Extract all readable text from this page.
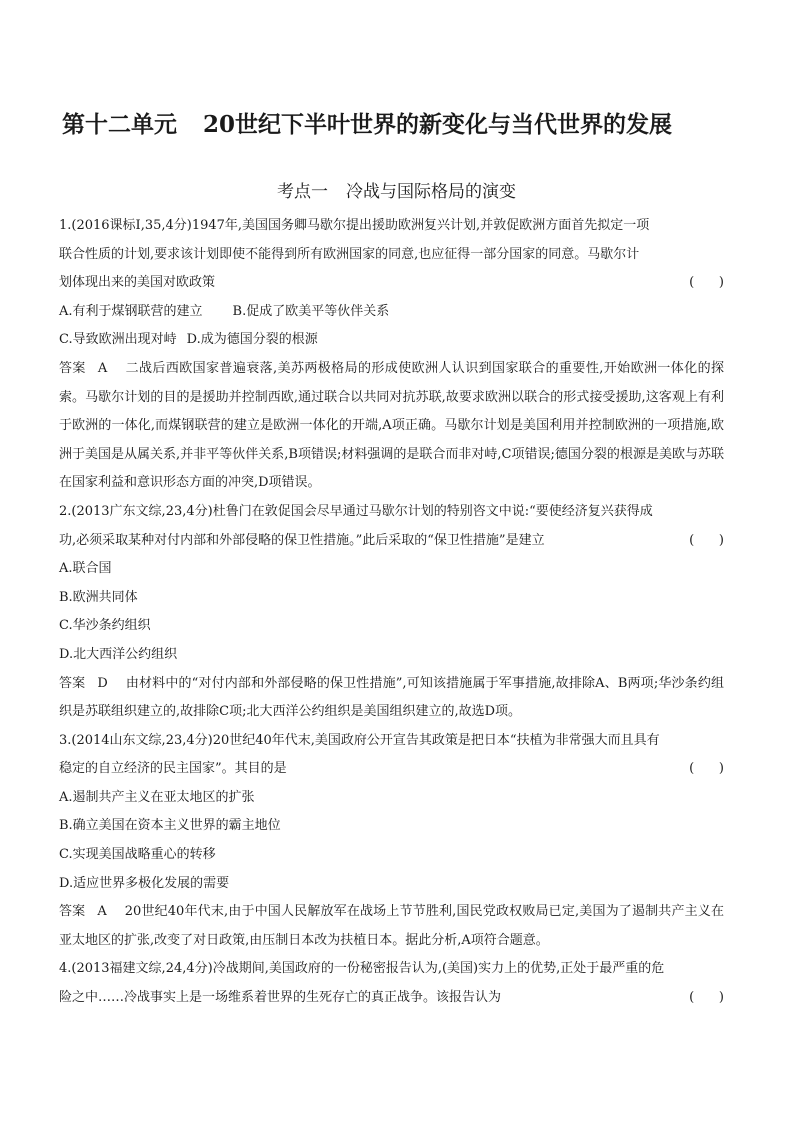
第十二单元 20世纪下半叶世界的新变化与当代世界的发展
考点一 冷战与国际格局的演变

1.(2016课标Ⅰ,35,4分)1947年,美国国务卿马歇尔提出援助欧洲复兴计划,并敦促欧洲方面首先拟定一项

联合性质的计划,要求该计划即使不能得到所有欧洲国家的同意,也应征得一部分国家的同意。马歇尔计

划体现出来的美国对欧政策	(      )

A.有利于煤钢联营的建立 B.促成了欧美平等伙伴关系

C.导致欧洲出现对峙 D.成为德国分裂的根源

答案 A 二战后西欧国家普遍衰落,美苏两极格局的形成使欧洲人认识到国家联合的重要性,开始欧洲一体化的探索。马歇尔计划的目的是援助并控制西欧,通过联合以共同对抗苏联,故要求欧洲以联合的形式接受援助,这客观上有利于欧洲的一体化,而煤钢联营的建立是欧洲一体化的开端,A项正确。马歇尔计划是美国利用并控制欧洲的一项措施,欧洲于美国是从属关系,并非平等伙伴关系,B项错误;材料强调的是联合而非对峙,C项错误;德国分裂的根源是美欧与苏联在国家利益和意识形态方面的冲突,D项错误。

2.(2013广东文综,23,4分)杜鲁门在敦促国会尽早通过马歇尔计划的特别咨文中说:“要使经济复兴获得成

功,必须采取某种对付内部和外部侵略的保卫性措施。”此后采取的“保卫性措施”是建立	(      )

A.联合国

B.欧洲共同体

C.华沙条约组织

D.北大西洋公约组织

答案 D 由材料中的“对付内部和外部侵略的保卫性措施”,可知该措施属于军事措施,故排除A、B两项;华沙条约组织是苏联组织建立的,故排除C项;北大西洋公约组织是美国组织建立的,故选D项。

3.(2014山东文综,23,4分)20世纪40年代末,美国政府公开宣告其政策是把日本“扶植为非常强大而且具有

稳定的自立经济的民主国家”。其目的是	(      )

A.遏制共产主义在亚太地区的扩张

B.确立美国在资本主义世界的霸主地位

C.实现美国战略重心的转移

D.适应世界多极化发展的需要

答案 A 20世纪40年代末,由于中国人民解放军在战场上节节胜利,国民党政权败局已定,美国为了遏制共产主义在亚太地区的扩张,改变了对日政策,由压制日本改为扶植日本。据此分析,A项符合题意。

4.(2013福建文综,24,4分)冷战期间,美国政府的一份秘密报告认为,(美国)实力上的优势,正处于最严重的危

险之中……冷战事实上是一场维系着世界的生死存亡的真正战争。该报告认为	(      )
